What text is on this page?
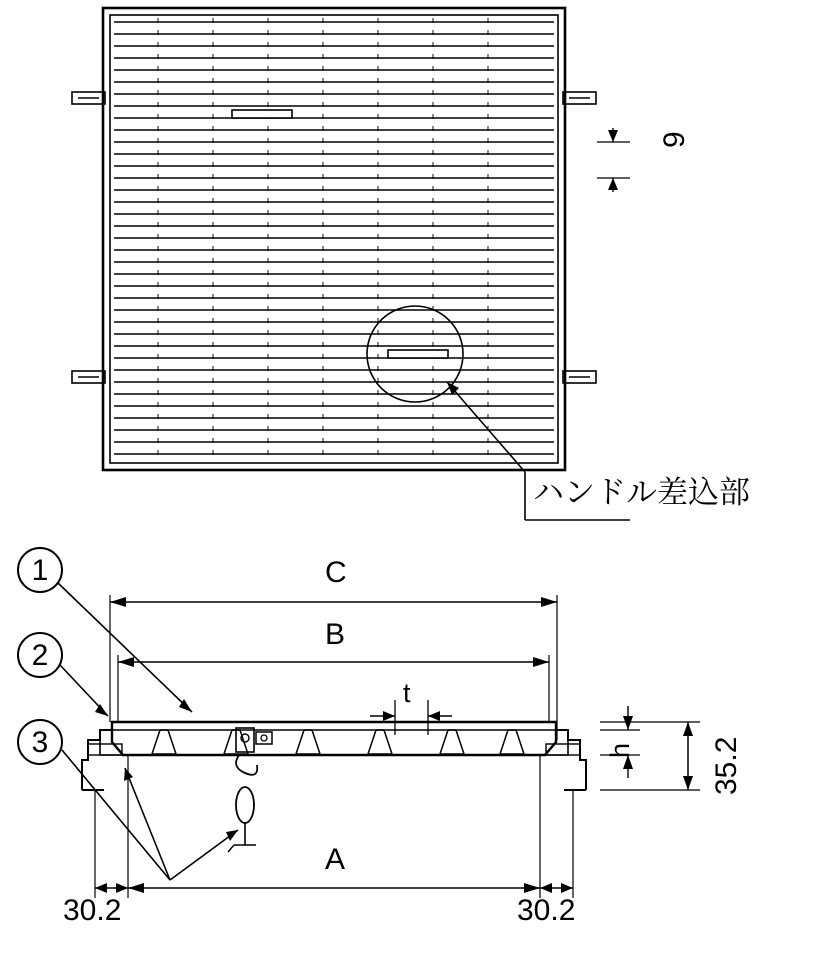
9
ハンドル差込部
C
B
A
t
h	35.2
30.2	30.2
1
2
3
